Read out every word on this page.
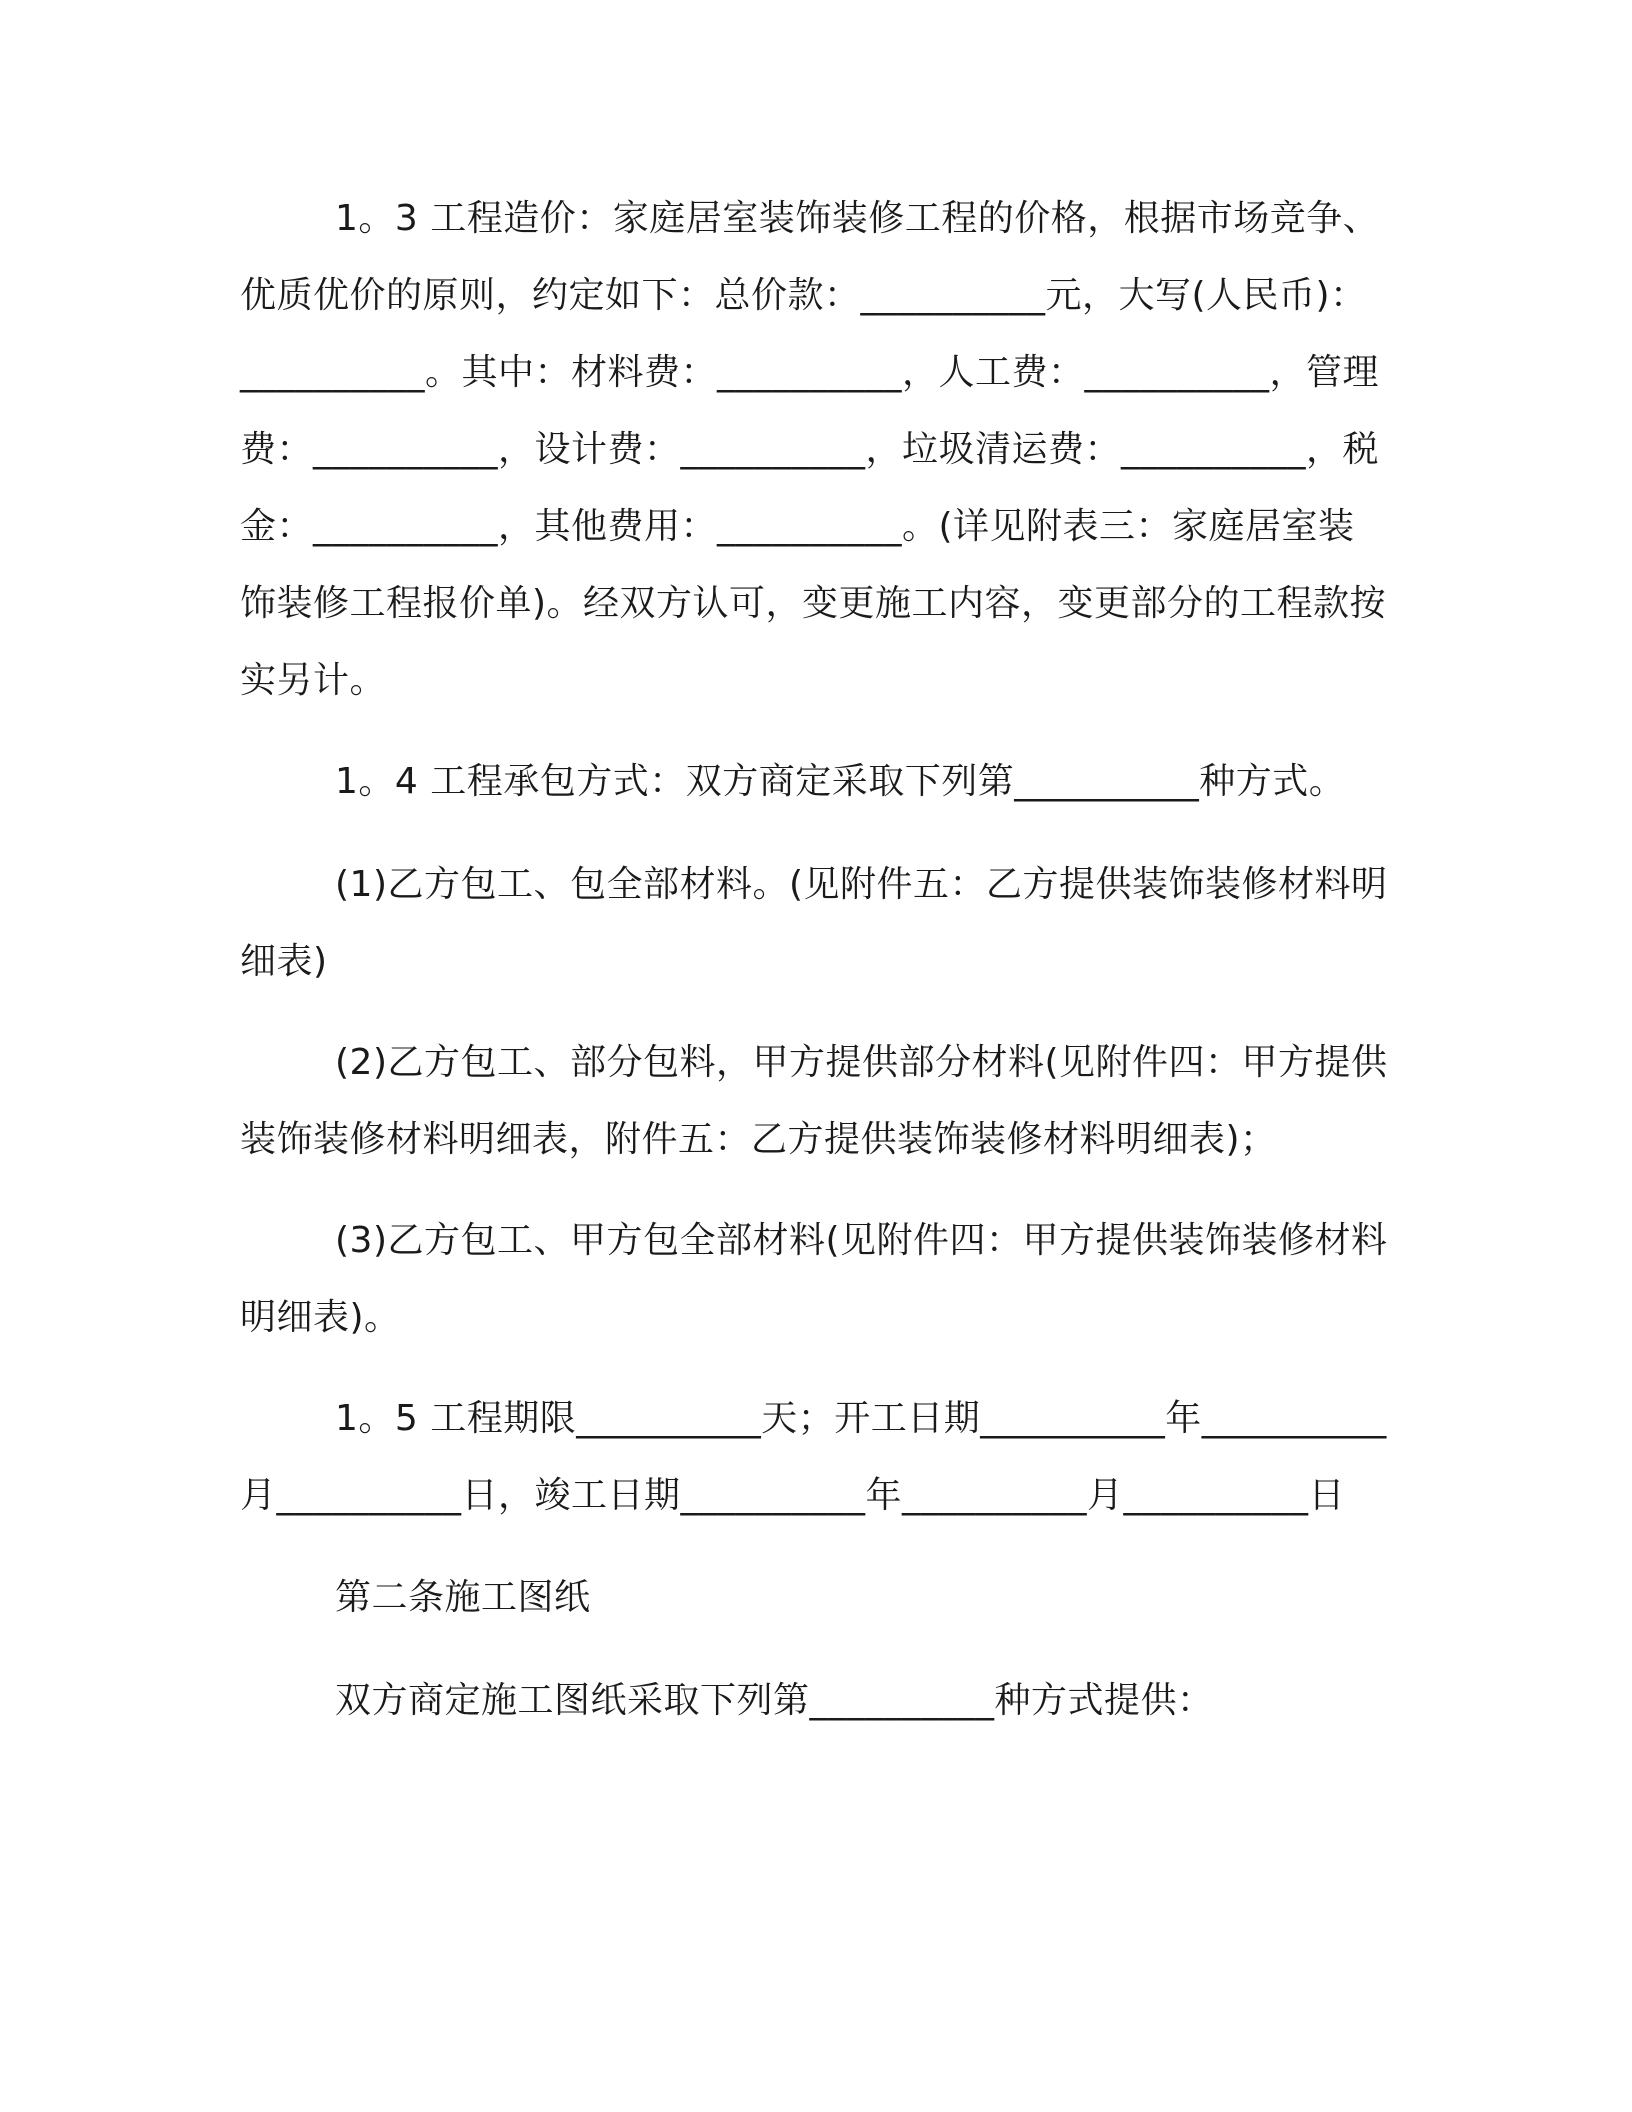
1。3 工程造价：家庭居室装饰装修工程的价格，根据市场竞争、优质优价的原则，约定如下：总价款：__________元，大写(人民币)：__________。其中：材料费：__________，人工费：__________，管理费：__________，设计费：__________，垃圾清运费：__________，税金：__________，其他费用：__________。(详见附表三：家庭居室装饰装修工程报价单)。经双方认可，变更施工内容，变更部分的工程款按实另计。

1。4 工程承包方式：双方商定采取下列第__________种方式。

(1)乙方包工、包全部材料。(见附件五：乙方提供装饰装修材料明细表)

(2)乙方包工、部分包料，甲方提供部分材料(见附件四：甲方提供装饰装修材料明细表，附件五：乙方提供装饰装修材料明细表)；

(3)乙方包工、甲方包全部材料(见附件四：甲方提供装饰装修材料明细表)。

1。5 工程期限__________天；开工日期__________年__________月__________日，竣工日期__________年__________月__________日

第二条施工图纸

双方商定施工图纸采取下列第__________种方式提供：
